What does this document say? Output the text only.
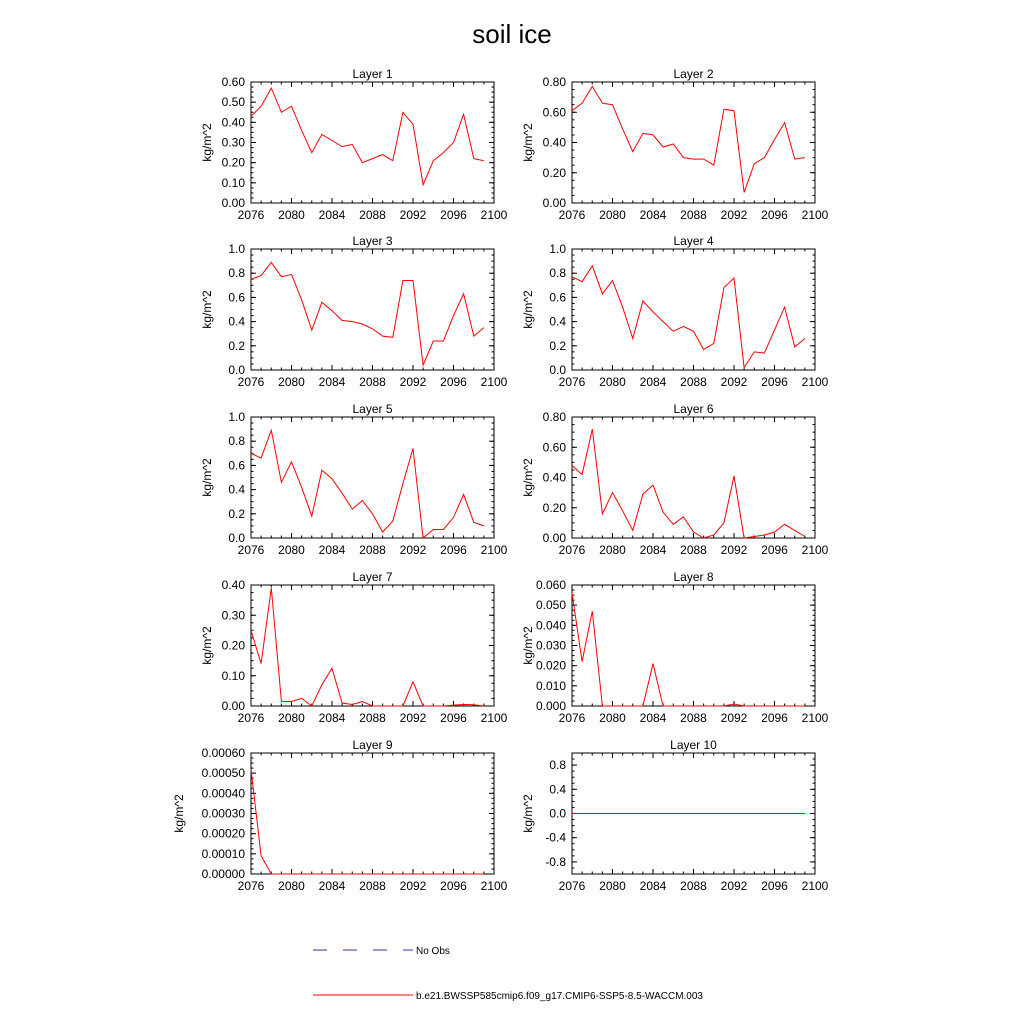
soil ice
Layer 1
kg/m^2
2076 2080 2084 2088 2092 2096 2100
0.00
0.10
0.20
0.30
0.40
0.50
0.60
Layer 2
kg/m^2
2076 2080 2084 2088 2092 2096 2100
0.00
0.20
0.40
0.60
0.80
Layer 3
kg/m^2
2076 2080 2084 2088 2092 2096 2100
0.0
0.2
0.4
0.6
0.8
1.0
Layer 4
kg/m^2
2076 2080 2084 2088 2092 2096 2100
0.0
0.2
0.4
0.6
0.8
1.0
Layer 5
kg/m^2
2076 2080 2084 2088 2092 2096 2100
0.0
0.2
0.4
0.6
0.8
1.0
Layer 6
kg/m^2
2076 2080 2084 2088 2092 2096 2100
0.00
0.20
0.40
0.60
0.80
Layer 7
kg/m^2
2076 2080 2084 2088 2092 2096 2100
0.00
0.10
0.20
0.30
0.40
Layer 8
kg/m^2
2076 2080 2084 2088 2092 2096 2100
0.000
0.010
0.020
0.030
0.040
0.050
0.060
Layer 9
kg/m^2
2076 2080 2084 2088 2092 2096 2100
0.00000
0.00010
0.00020
0.00030
0.00040
0.00050
0.00060
Layer 10
kg/m^2
2076 2080 2084 2088 2092 2096 2100
-0.8
-0.4
0.0
0.4
0.8
No Obs
b.e21.BWSSP585cmip6.f09_g17.CMIP6-SSP5-8.5-WACCM.003
